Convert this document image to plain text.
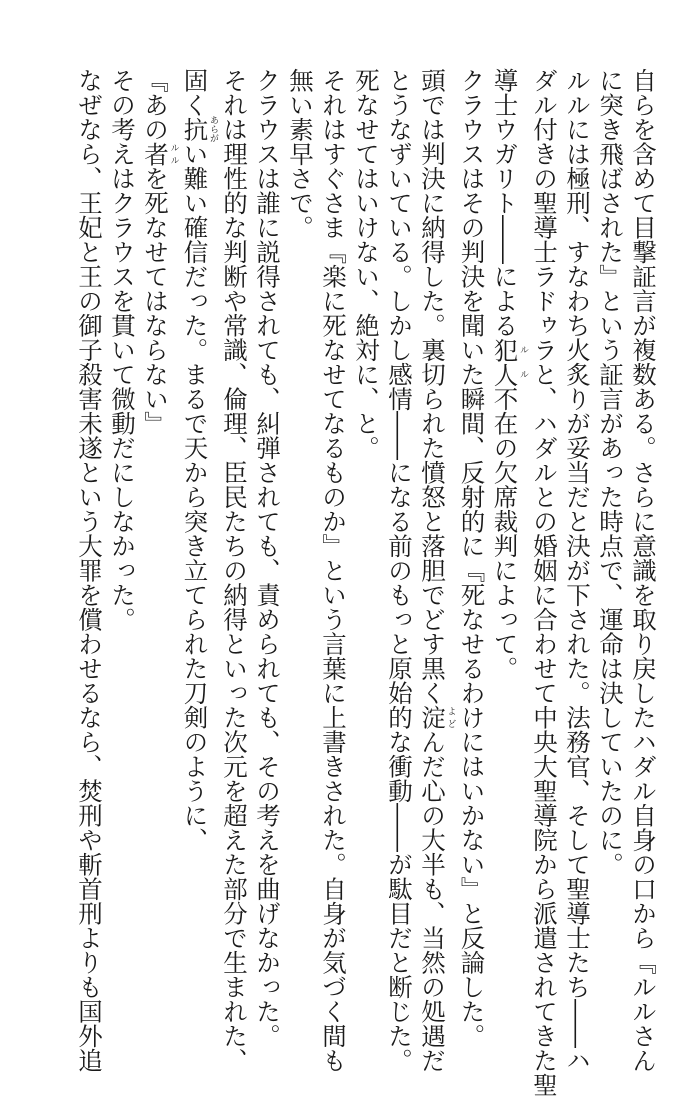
自らを含めて目撃証言が複数ある。さらに意識を取り戻したハダル自身の口から『ルルさん
に突き飛ばされた』という証言があった時点で、運命は決していたのに。
ルルには極刑、すなわち火炙りが妥当だと決が下された。法務官、そして聖導士たち――ハ
ダル付きの聖導士ラドゥラと、ハダルとの婚姻に合わせて中央大聖導院から派遣されてきた聖
導士ウガリト――による犯人ルル不在の欠席裁判によって。
クラウスはその判決を聞いた瞬間、反射的に『死なせるわけにはいかない』と反論した。
頭では判決に納得した。裏切られた憤怒と落胆でどす黒く淀よどんだ心の大半も、当然の処遇だ
とうなずいている。しかし感情――になる前のもっと原始的な衝動――が駄目だと断じた。
死なせてはいけない、絶対に、と。
それはすぐさま『楽に死なせてなるものか』という言葉に上書きされた。自身が気づく間も
無い素早さで。
クラウスは誰に説得されても、糾弾されても、責められても、その考えを曲げなかった。
それは理性的な判断や常識、倫理、臣民たちの納得といった次元を超えた部分で生まれた、
固く抗あらがい難い確信だった。まるで天から突き立てられた刀剣のように、
『あの者ルルを死なせてはならない』
その考えはクラウスを貫いて微動だにしなかった。
なぜなら、王妃と王の御子殺害未遂という大罪を償わせるなら、焚刑や斬首刑よりも国外追
